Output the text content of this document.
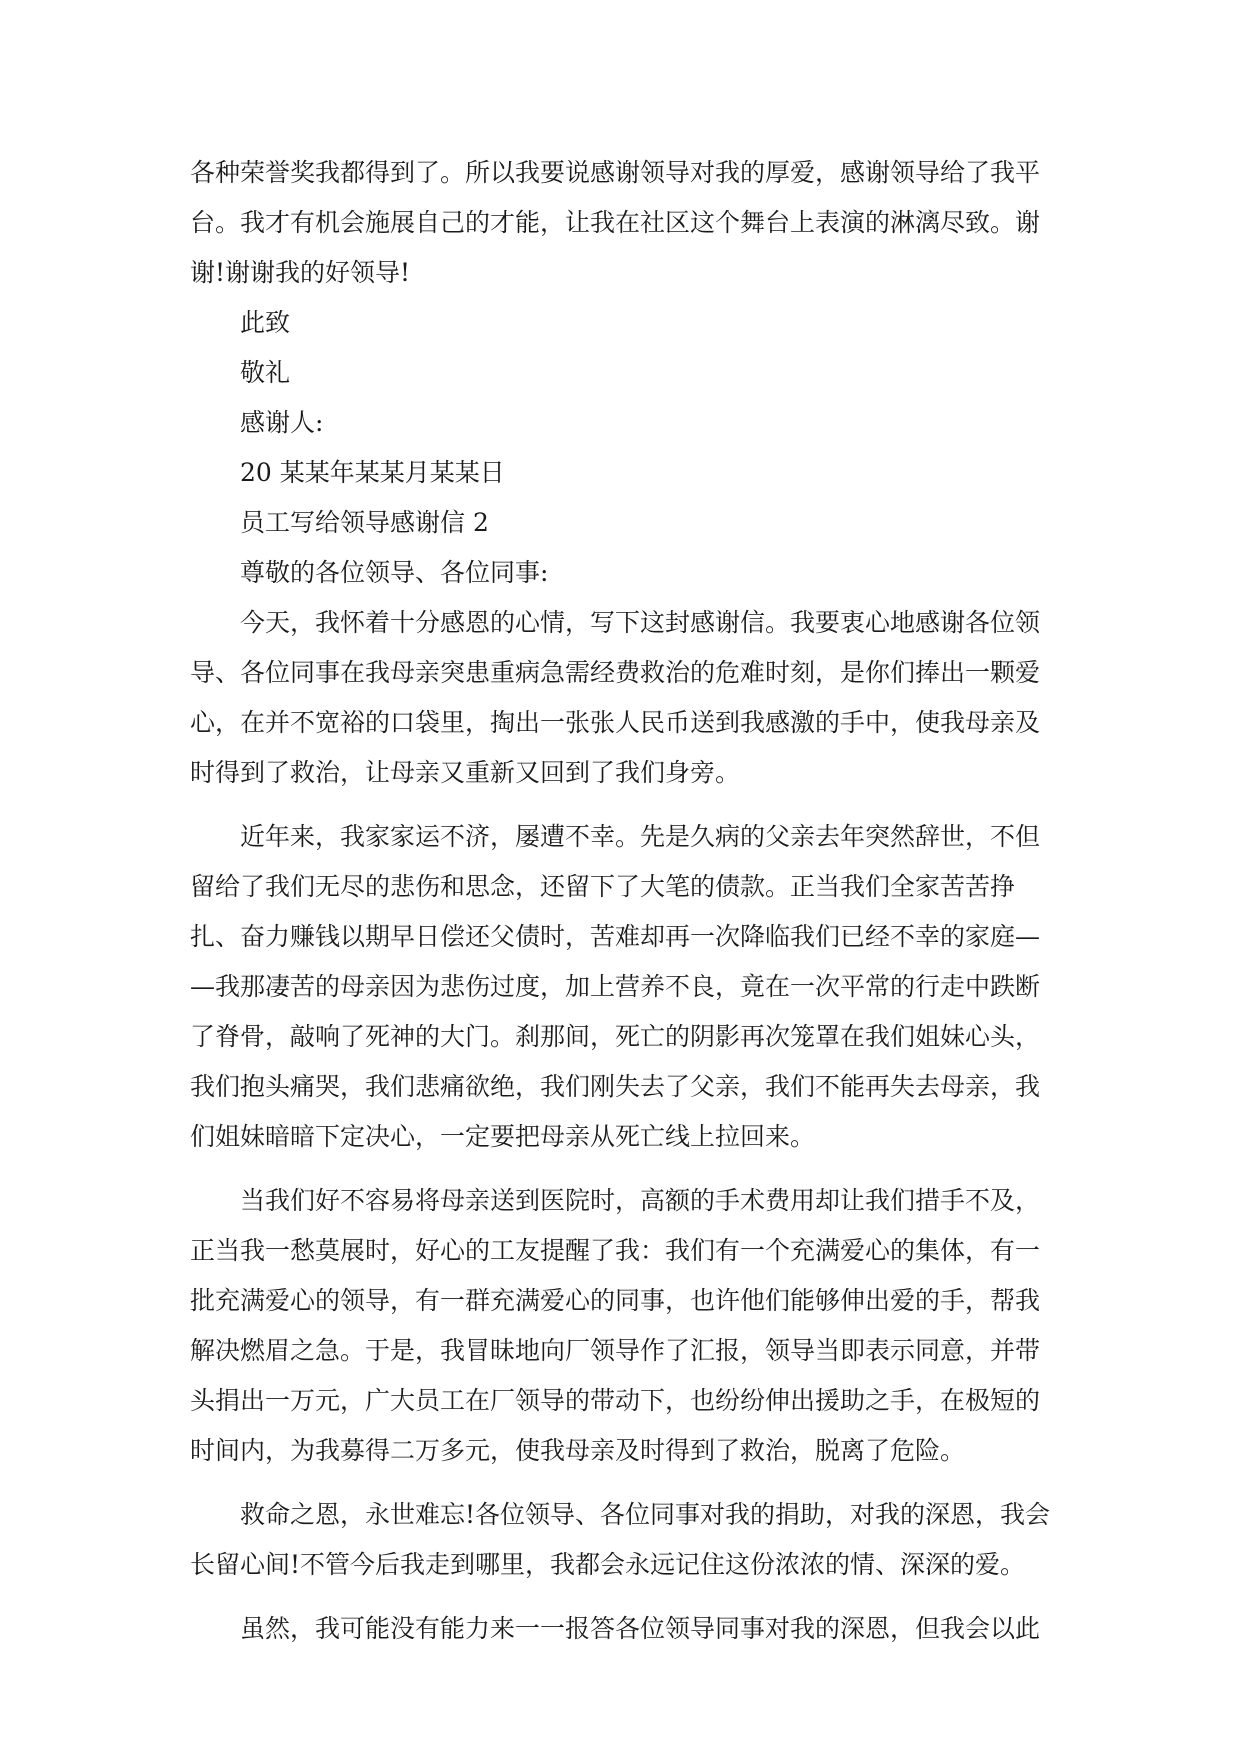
各种荣誉奖我都得到了。所以我要说感谢领导对我的厚爱，感谢领导给了我平
台。我才有机会施展自己的才能，让我在社区这个舞台上表演的淋漓尽致。谢
谢!谢谢我的好领导!
此致
敬礼
感谢人:
20 某某年某某月某某日
员工写给领导感谢信 2
尊敬的各位领导、各位同事:
今天，我怀着十分感恩的心情，写下这封感谢信。我要衷心地感谢各位领
导、各位同事在我母亲突患重病急需经费救治的危难时刻，是你们捧出一颗爱
心，在并不宽裕的口袋里，掏出一张张人民币送到我感激的手中，使我母亲及
时得到了救治，让母亲又重新又回到了我们身旁。
近年来，我家家运不济，屡遭不幸。先是久病的父亲去年突然辞世，不但
留给了我们无尽的悲伤和思念，还留下了大笔的债款。正当我们全家苦苦挣
扎、奋力赚钱以期早日偿还父债时，苦难却再一次降临我们已经不幸的家庭—
—我那凄苦的母亲因为悲伤过度，加上营养不良，竟在一次平常的行走中跌断
了脊骨，敲响了死神的大门。刹那间，死亡的阴影再次笼罩在我们姐妹心头，
我们抱头痛哭，我们悲痛欲绝，我们刚失去了父亲，我们不能再失去母亲，我
们姐妹暗暗下定决心，一定要把母亲从死亡线上拉回来。
当我们好不容易将母亲送到医院时，高额的手术费用却让我们措手不及，
正当我一愁莫展时，好心的工友提醒了我：我们有一个充满爱心的集体，有一
批充满爱心的领导，有一群充满爱心的同事，也许他们能够伸出爱的手，帮我
解决燃眉之急。于是，我冒昧地向厂领导作了汇报，领导当即表示同意，并带
头捐出一万元，广大员工在厂领导的带动下，也纷纷伸出援助之手，在极短的
时间内，为我募得二万多元，使我母亲及时得到了救治，脱离了危险。
救命之恩，永世难忘!各位领导、各位同事对我的捐助，对我的深恩，我会
长留心间!不管今后我走到哪里，我都会永远记住这份浓浓的情、深深的爱。
虽然，我可能没有能力来一一报答各位领导同事对我的深恩，但我会以此
